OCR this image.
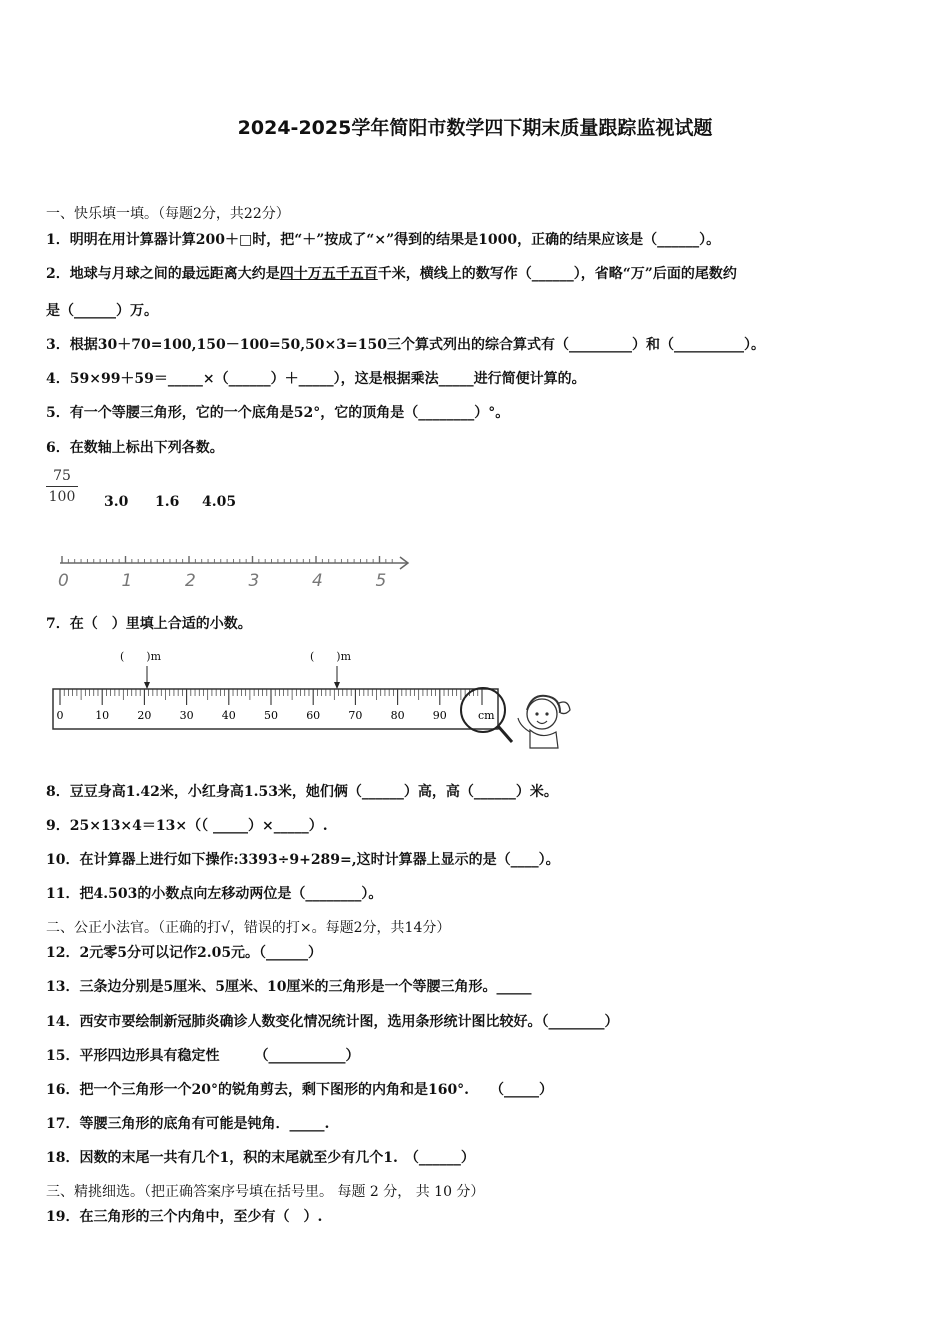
2024-2025学年简阳市数学四下期末质量跟踪监视试题
一、快乐填一填。（每题2分，共22分）
1．明明在用计算器计算200＋□时，把“＋”按成了“×”得到的结果是1000，正确的结果应该是（______）。
2．地球与月球之间的最远距离大约是四十万五千五百千米，横线上的数写作（______），省略“万”后面的尾数约
是（______）万。
3．根据30＋70=100,150－100=50,50×3=150三个算式列出的综合算式有（_________）和（__________）。
4．59×99＋59＝_____×（______）＋_____），这是根据乘法_____进行简便计算的。
5．有一个等腰三角形，它的一个底角是52°，它的顶角是（________）°。
6．在数轴上标出下列各数。
$\frac{75}{100} 3.0$ 1.6 4.05
0	1	2	3	4	5
7．在（　）里填上合适的小数。
(　　)m	(　　)m
0	10	20	30	40	50	60	70	80	90	cm
8．豆豆身高1.42米，小红身高1.53米，她们俩（______）高，高（______）米。
9．25×13×4＝13×（（ _____）×_____）.
10．在计算器上进行如下操作:3393÷9+289=,这时计算器上显示的是（____）。
11．把4.503的小数点向左移动两位是（________）。
二、公正小法官。（正确的打√，错误的打×。每题2分，共14分）
12．2元零5分可以记作2.05元。（______）
13．三条边分别是5厘米、5厘米、10厘米的三角形是一个等腰三角形。_____
14．西安市要绘制新冠肺炎确诊人数变化情况统计图，选用条形统计图比较好。（________）
15．平形四边形具有稳定性　　　（___________）
16．把一个三角形一个20°的锐角剪去，剩下图形的内角和是160°.　　（_____）
17．等腰三角形的底角有可能是钝角．_____.
18．因数的末尾一共有几个1，积的末尾就至少有几个1.　（______）
三、精挑细选。（把正确答案序号填在括号里。 每题 2 分， 共 10 分）
19．在三角形的三个内角中，至少有（　）.
